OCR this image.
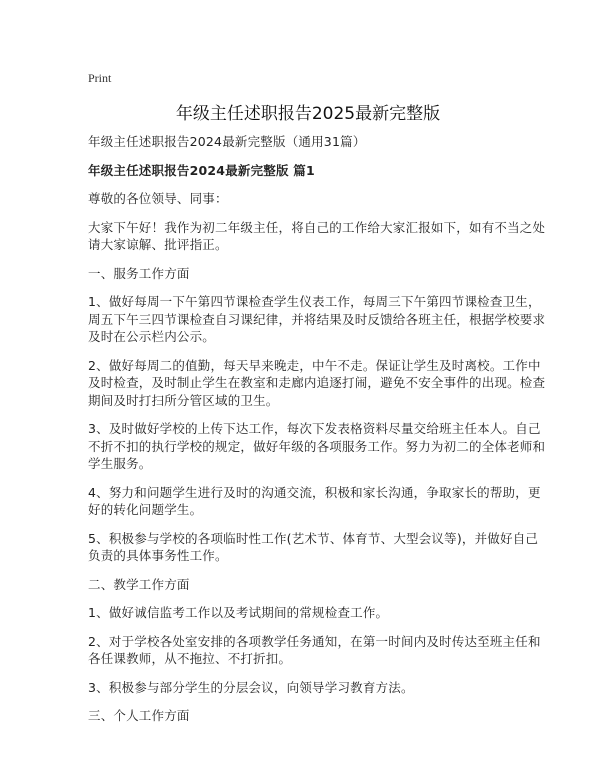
Print
年级主任述职报告2025最新完整版
年级主任述职报告2024最新完整版（通用31篇）
年级主任述职报告2024最新完整版 篇1
尊敬的各位领导、同事：
大家下午好！我作为初二年级主任，将自己的工作给大家汇报如下，如有不当之处
请大家谅解、批评指正。
一、服务工作方面
1、做好每周一下午第四节课检查学生仪表工作，每周三下午第四节课检查卫生，
周五下午三四节课检查自习课纪律，并将结果及时反馈给各班主任，根据学校要求
及时在公示栏内公示。
2、做好每周二的值勤，每天早来晚走，中午不走。保证让学生及时离校。工作中
及时检查，及时制止学生在教室和走廊内追逐打闹，避免不安全事件的出现。检查
期间及时打扫所分管区域的卫生。
3、及时做好学校的上传下达工作，每次下发表格资料尽量交给班主任本人。自己
不折不扣的执行学校的规定，做好年级的各项服务工作。努力为初二的全体老师和
学生服务。
4、努力和问题学生进行及时的沟通交流，积极和家长沟通，争取家长的帮助，更
好的转化问题学生。
5、积极参与学校的各项临时性工作(艺术节、体育节、大型会议等)，并做好自己
负责的具体事务性工作。
二、教学工作方面
1、做好诚信监考工作以及考试期间的常规检查工作。
2、对于学校各处室安排的各项教学任务通知，在第一时间内及时传达至班主任和
各任课教师，从不拖拉、不打折扣。
3、积极参与部分学生的分层会议，向领导学习教育方法。
三、个人工作方面
